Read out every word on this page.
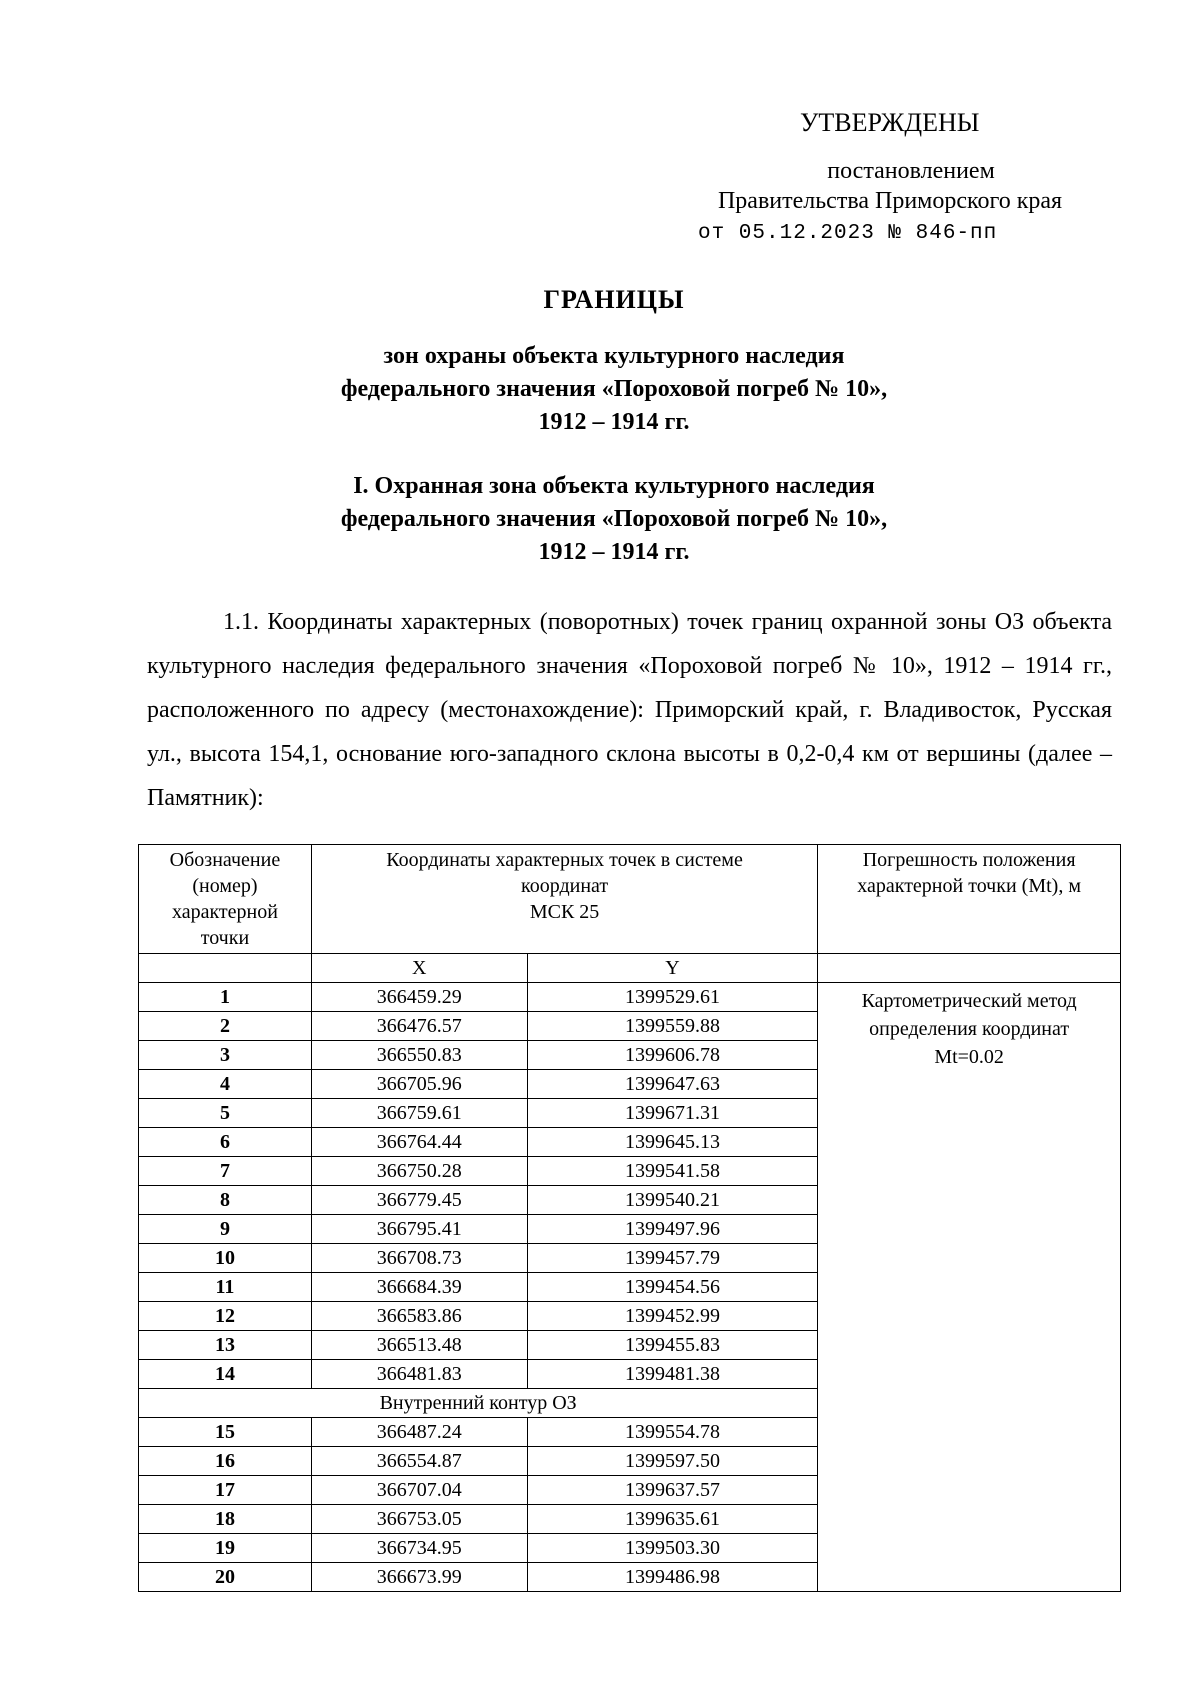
УТВЕРЖДЕНЫ
постановлением
Правительства Приморского края
от 05.12.2023 № 846-пп
ГРАНИЦЫ
зон охраны объекта культурного наследия
федерального значения «Пороховой погреб № 10»,
1912 – 1914 гг.
I. Охранная зона объекта культурного наследия
федерального значения «Пороховой погреб № 10»,
1912 – 1914 гг.
1.1. Координаты характерных (поворотных) точек границ охранной зоны ОЗ объекта культурного наследия федерального значения «Пороховой погреб № 10», 1912 – 1914 гг., расположенного по адресу (местонахождение): Приморский край, г. Владивосток, Русская ул., высота 154,1, основание юго-западного склона высоты в 0,2-0,4 км от вершины (далее – Памятник):
Обозначение
(номер)
характерной
точки	Координаты характерных точек в системе
координат
МСК 25		Погрешность положения
характерной точки (Mt), м

	X	Y	
1	366459.29	1399529.61	Картометрический метод
определения координат
Mt=0.02

2	366476.57	1399559.88	
3	366550.83	1399606.78	
4	366705.96	1399647.63	
5	366759.61	1399671.31	
6	366764.44	1399645.13	
7	366750.28	1399541.58	
8	366779.45	1399540.21	
9	366795.41	1399497.96	
10	366708.73	1399457.79	
11	366684.39	1399454.56	
12	366583.86	1399452.99	
13	366513.48	1399455.83	
14	366481.83	1399481.38	
Внутренний контур ОЗ			
15	366487.24	1399554.78	
16	366554.87	1399597.50	
17	366707.04	1399637.57	
18	366753.05	1399635.61	
19	366734.95	1399503.30	
20	366673.99	1399486.98	
